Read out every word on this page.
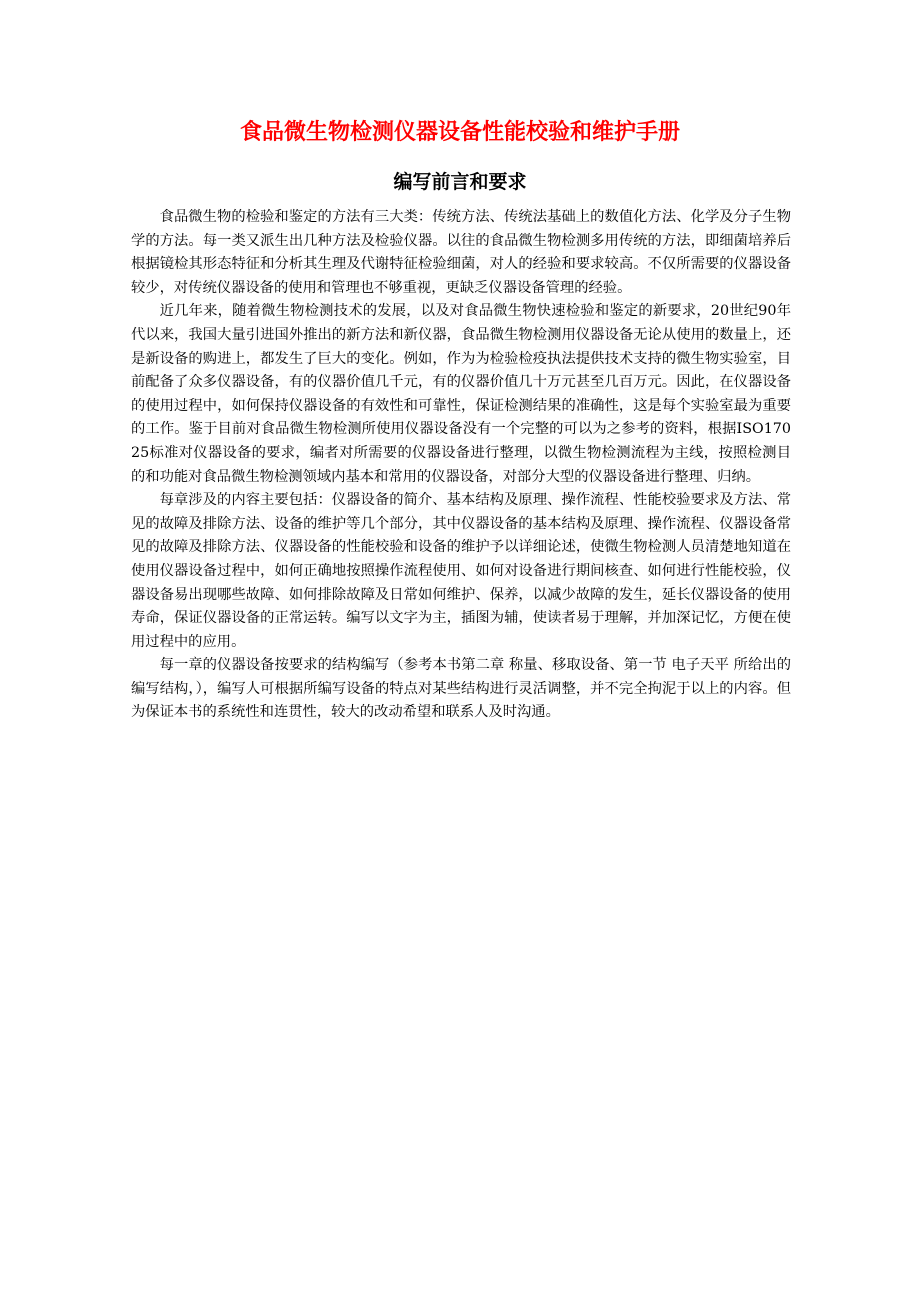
食品微生物检测仪器设备性能校验和维护手册
编写前言和要求

食品微生物的检验和鉴定的方法有三大类：传统方法、传统法基础上的数值化方法、化学及分子生物学的方法。每一类又派生出几种方法及检验仪器。以往的食品微生物检测多用传统的方法，即细菌培养后根据镜检其形态特征和分析其生理及代谢特征检验细菌，对人的经验和要求较高。不仅所需要的仪器设备较少，对传统仪器设备的使用和管理也不够重视，更缺乏仪器设备管理的经验。

近几年来，随着微生物检测技术的发展，以及对食品微生物快速检验和鉴定的新要求，20世纪90年代以来，我国大量引进国外推出的新方法和新仪器，食品微生物检测用仪器设备无论从使用的数量上，还是新设备的购进上，都发生了巨大的变化。例如，作为为检验检疫执法提供技术支持的微生物实验室，目前配备了众多仪器设备，有的仪器价值几千元，有的仪器价值几十万元甚至几百万元。因此，在仪器设备的使用过程中，如何保持仪器设备的有效性和可靠性，保证检测结果的准确性，这是每个实验室最为重要的工作。鉴于目前对食品微生物检测所使用仪器设备没有一个完整的可以为之参考的资料，根据ISO17025标准对仪器设备的要求，编者对所需要的仪器设备进行整理，以微生物检测流程为主线，按照检测目的和功能对食品微生物检测领域内基本和常用的仪器设备，对部分大型的仪器设备进行整理、归纳。

每章涉及的内容主要包括：仪器设备的简介、基本结构及原理、操作流程、性能校验要求及方法、常见的故障及排除方法、设备的维护等几个部分，其中仪器设备的基本结构及原理、操作流程、仪器设备常见的故障及排除方法、仪器设备的性能校验和设备的维护予以详细论述，使微生物检测人员清楚地知道在使用仪器设备过程中，如何正确地按照操作流程使用、如何对设备进行期间核查、如何进行性能校验，仪器设备易出现哪些故障、如何排除故障及日常如何维护、保养，以减少故障的发生，延长仪器设备的使用寿命，保证仪器设备的正常运转。编写以文字为主，插图为辅，使读者易于理解，并加深记忆，方便在使用过程中的应用。

每一章的仪器设备按要求的结构编写（参考本书第二章 称量、移取设备、第一节 电子天平 所给出的编写结构，），编写人可根据所编写设备的特点对某些结构进行灵活调整，并不完全拘泥于以上的内容。但为保证本书的系统性和连贯性，较大的改动希望和联系人及时沟通。
